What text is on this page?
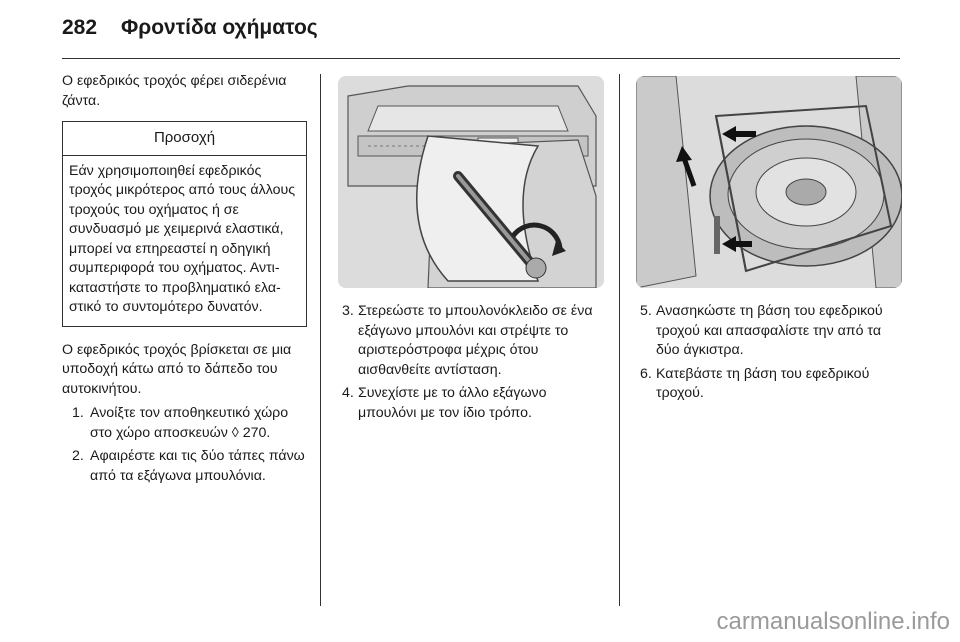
282 Φροντίδα οχήματος

Ο εφεδρικός τροχός φέρει σιδερένια ζάντα.

Προσοχή
Εάν χρησιμοποιηθεί εφεδρικός τροχός μικρότερος από τους άλλους τροχούς του οχήματος ή σε συνδυασμό με χειμερινά ελαστικά, μπορεί να επηρεαστεί η οδηγική συμπεριφορά του οχήματος. Αντικαταστήστε το προβληματικό ελαστικό το συντομότερο δυνατόν.

Ο εφεδρικός τροχός βρίσκεται σε μια υποδοχή κάτω από το δάπεδο του αυτοκινήτου.

1. Ανοίξτε τον αποθηκευτικό χώρο στο χώρο αποσκευών ◊ 270.
2. Αφαιρέστε και τις δύο τάπες πάνω από τα εξάγωνα μπουλόνια.
3. Στερεώστε το μπουλονόκλειδο σε ένα εξάγωνο μπουλόνι και στρέψτε το αριστερόστροφα μέχρις ότου αισθανθείτε αντίσταση.
4. Συνεχίστε με το άλλο εξάγωνο μπουλόνι με τον ίδιο τρόπο.
5. Ανασηκώστε τη βάση του εφεδρικού τροχού και απασφαλίστε την από τα δύο άγκιστρα.
6. Κατεβάστε τη βάση του εφεδρικού τροχού.
carmanualsonline.info
